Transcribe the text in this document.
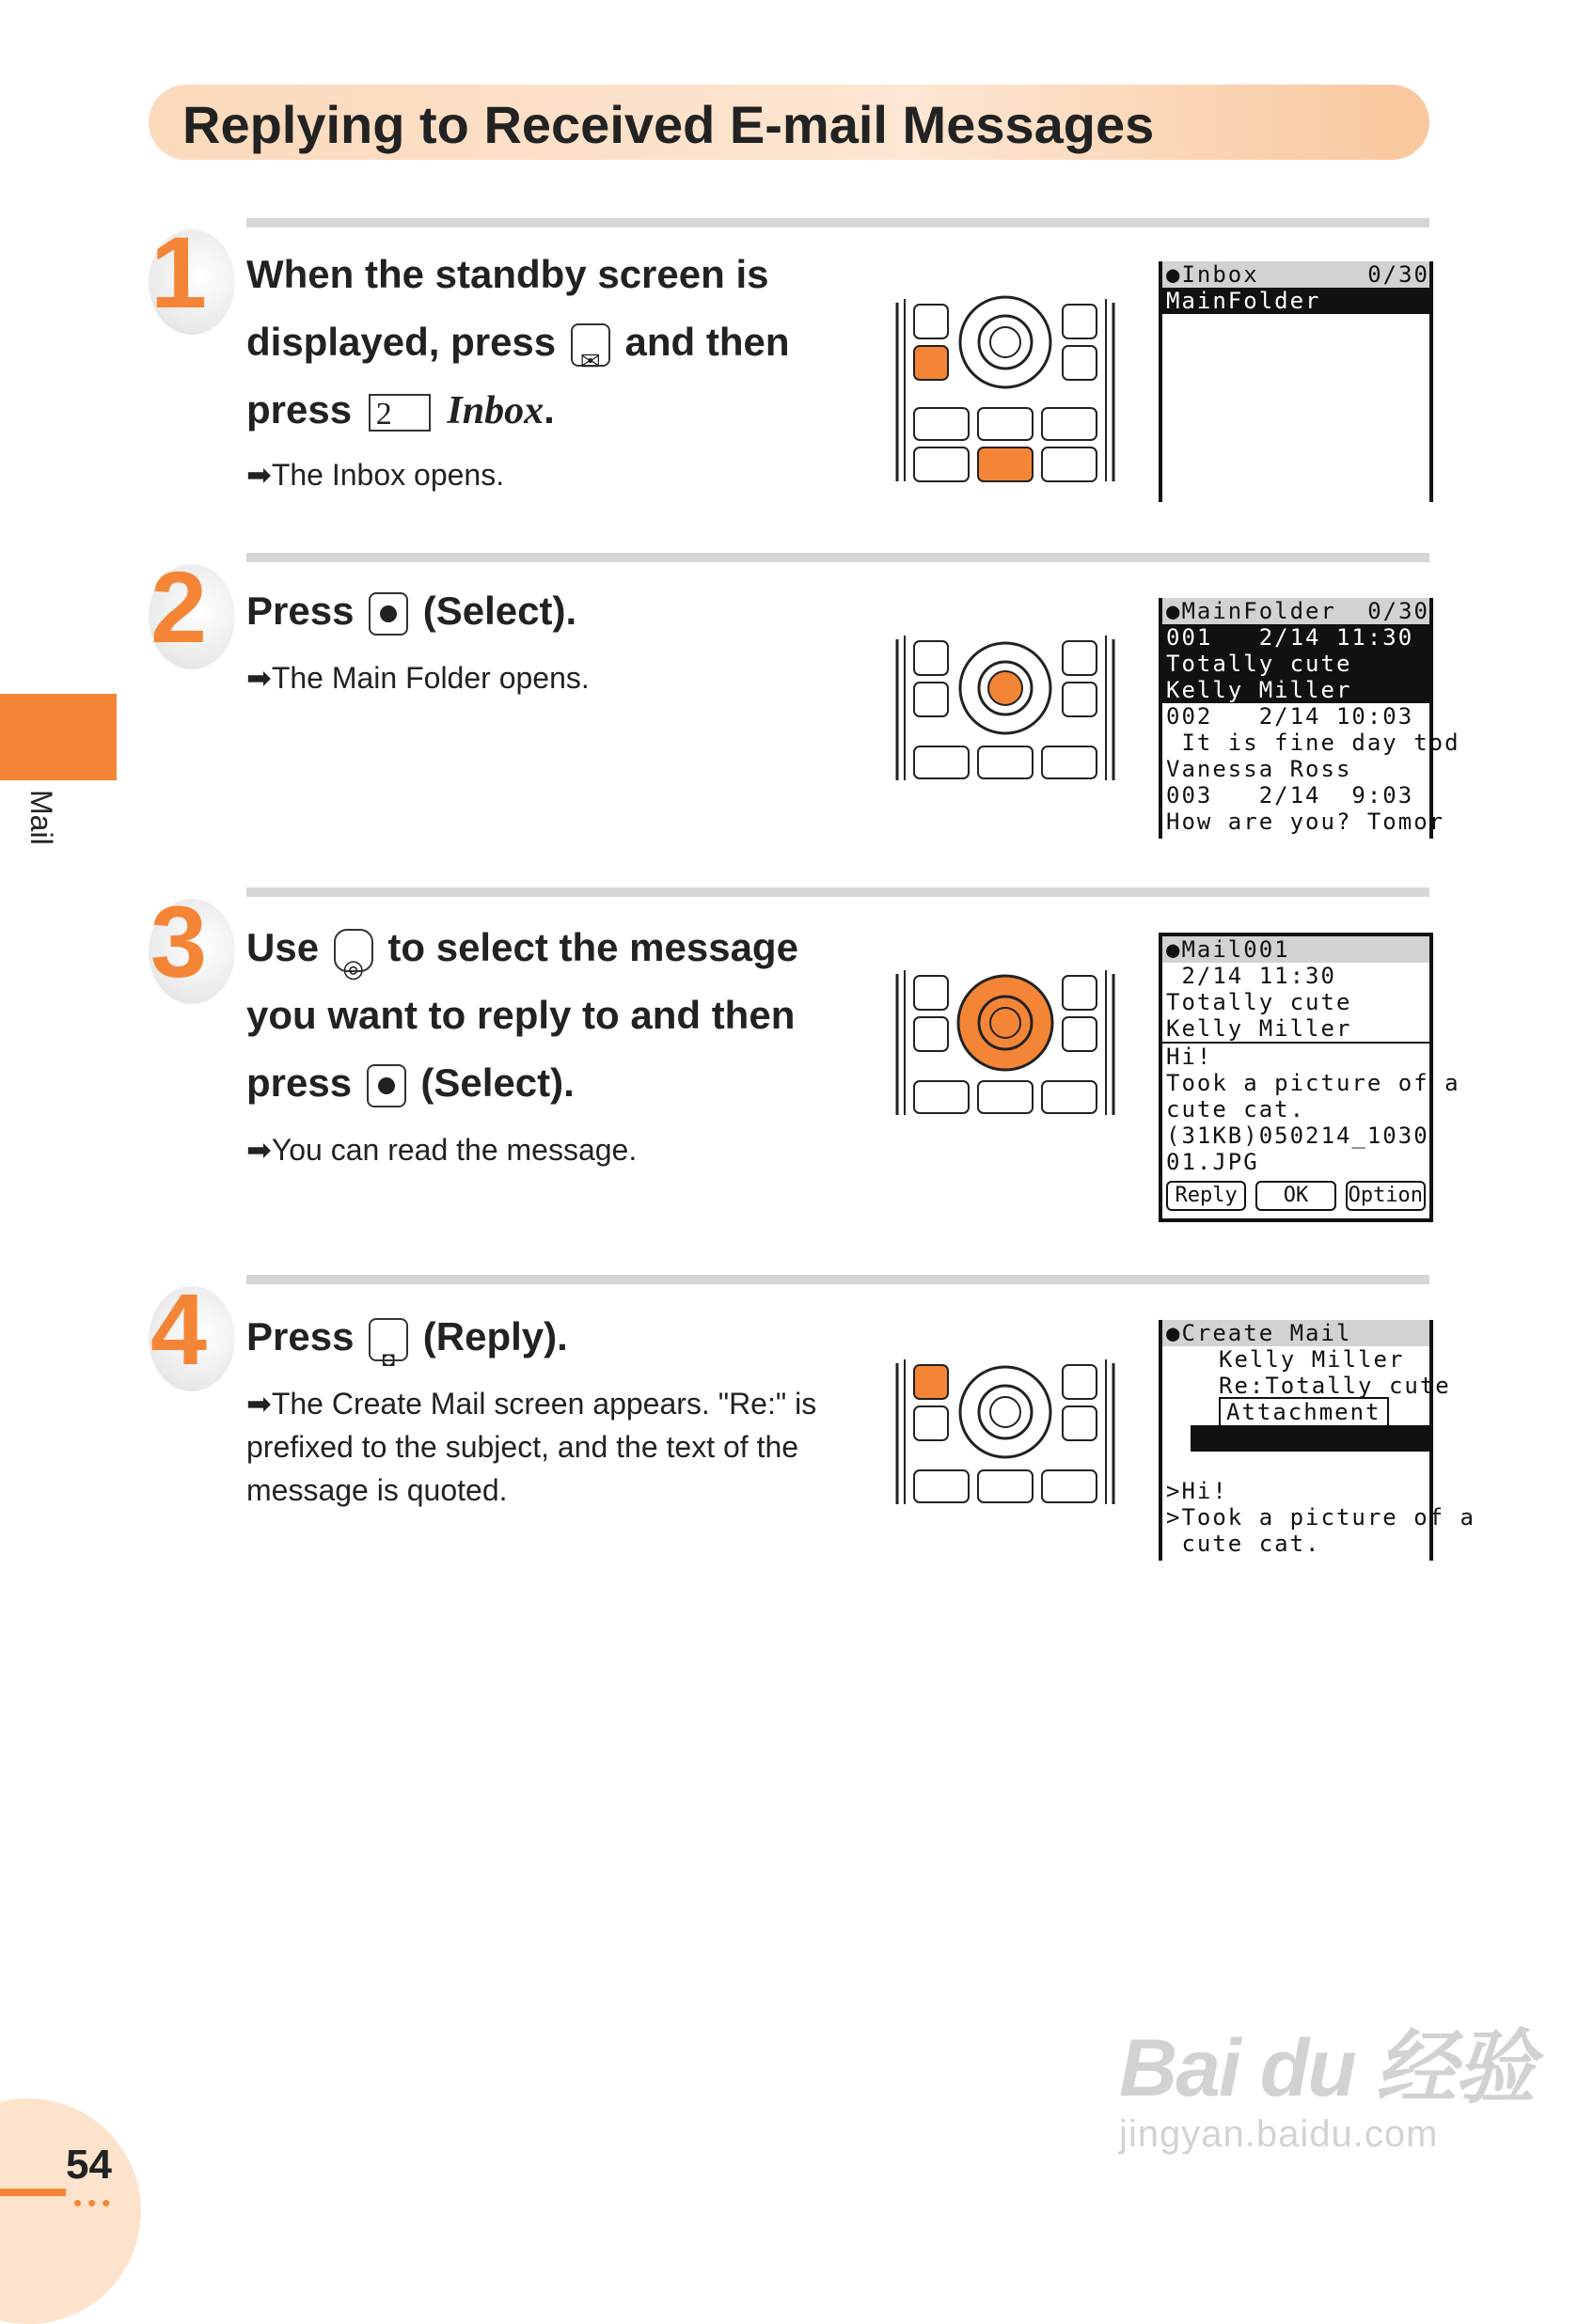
Replying to Received E-mail Messages
Mail
1 When the standby screen is displayed, press ✉ and then press 2 Inbox.
➡The Inbox opens.
●Inbox	0/30
MainFolder
2 Press (Select).
➡The Main Folder opens.
●MainFolder 0/30
001   2/14 11:30
Totally cute
Kelly Miller
002   2/14 10:03
It is fine day tod
Vanessa Ross
003   2/14  9:03
How are you? Tomor
3 Use ◎ to select the message you want to reply to and then press (Select).
➡You can read the message.
●Mail001
2/14 11:30
Totally cute
Kelly Miller
Hi!
Took a picture of a
cute cat.
(31KB)050214_1030
01.JPG
Reply	OK	Option
4 Press
◘
(Reply).
➡The Create Mail screen appears. "Re:" is prefixed to the subject, and the text of the message is quoted.
●Create Mail
Kelly Miller
Re:Totally cute
Attachment
>Hi!
>Took a picture of a
cute cat.
54
•••
Bai du 经验
jingyan.baidu.com
